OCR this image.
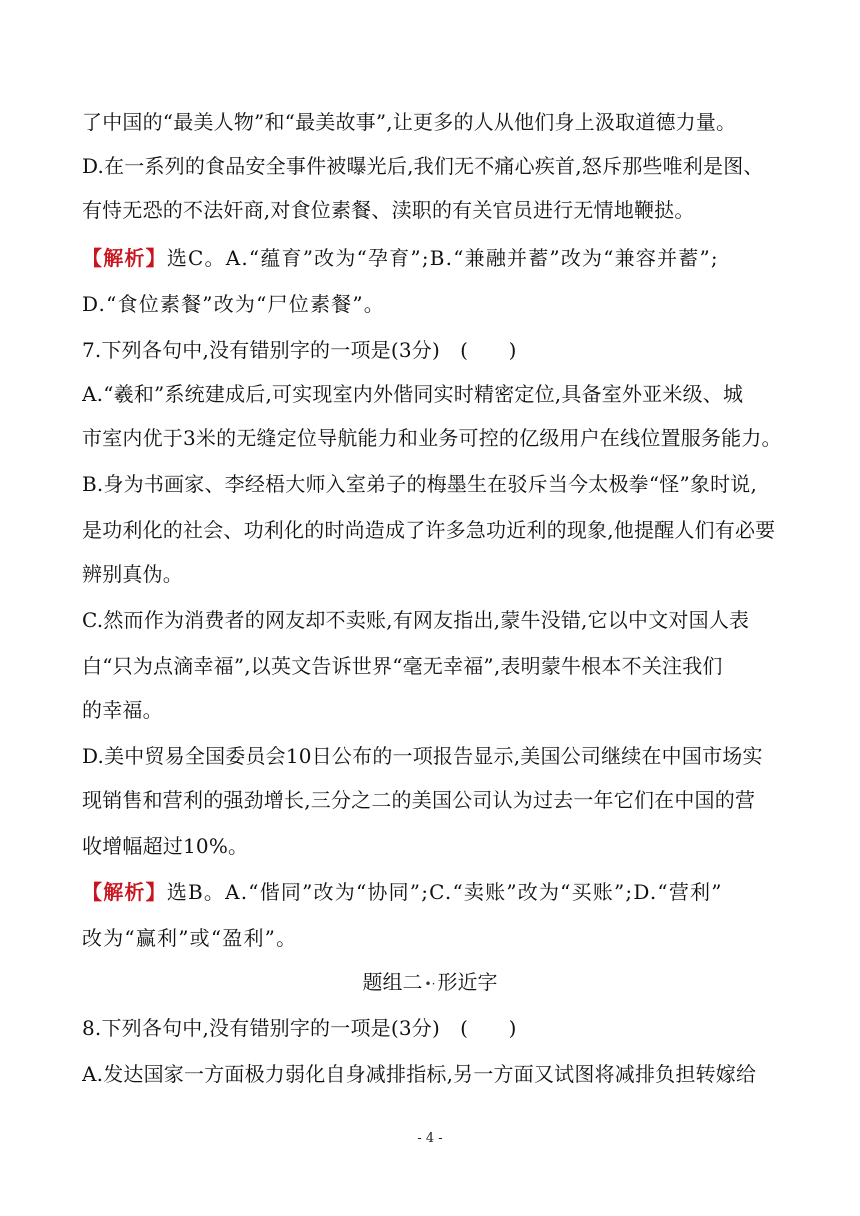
了中国的“最美人物”和“最美故事”,让更多的人从他们身上汲取道德力量。
D.在一系列的食品安全事件被曝光后,我们无不痛心疾首,怒斥那些唯利是图、
有恃无恐的不法奸商,对食位素餐、渎职的有关官员进行无情地鞭挞。
【解析】选C。A.“蕴育”改为“孕育”;B.“兼融并蓄”改为“兼容并蓄”;
D.“食位素餐”改为“尸位素餐”。
7.下列各句中,没有错别字的一项是(3分)　(　　)
A.“羲和”系统建成后,可实现室内外偕同实时精密定位,具备室外亚米级、城
市室内优于3米的无缝定位导航能力和业务可控的亿级用户在线位置服务能力。
B.身为书画家、李经梧大师入室弟子的梅墨生在驳斥当今太极拳“怪”象时说,
是功利化的社会、功利化的时尚造成了许多急功近利的现象,他提醒人们有必要
辨别真伪。
C.然而作为消费者的网友却不卖账,有网友指出,蒙牛没错,它以中文对国人表
白“只为点滴幸福”,以英文告诉世界“毫无幸福”,表明蒙牛根本不关注我们
的幸福。
D.美中贸易全国委员会10日公布的一项报告显示,美国公司继续在中国市场实
现销售和营利的强劲增长,三分之二的美国公司认为过去一年它们在中国的营
收增幅超过10%。
【解析】选B。A.“偕同”改为“协同”;C.“卖账”改为“买账”;D.“营利”
改为“赢利”或“盈利”。
题组二 •· 形近字
8.下列各句中,没有错别字的一项是(3分)　(　　)
A.发达国家一方面极力弱化自身减排指标,另一方面又试图将减排负担转嫁给
- 4 -
